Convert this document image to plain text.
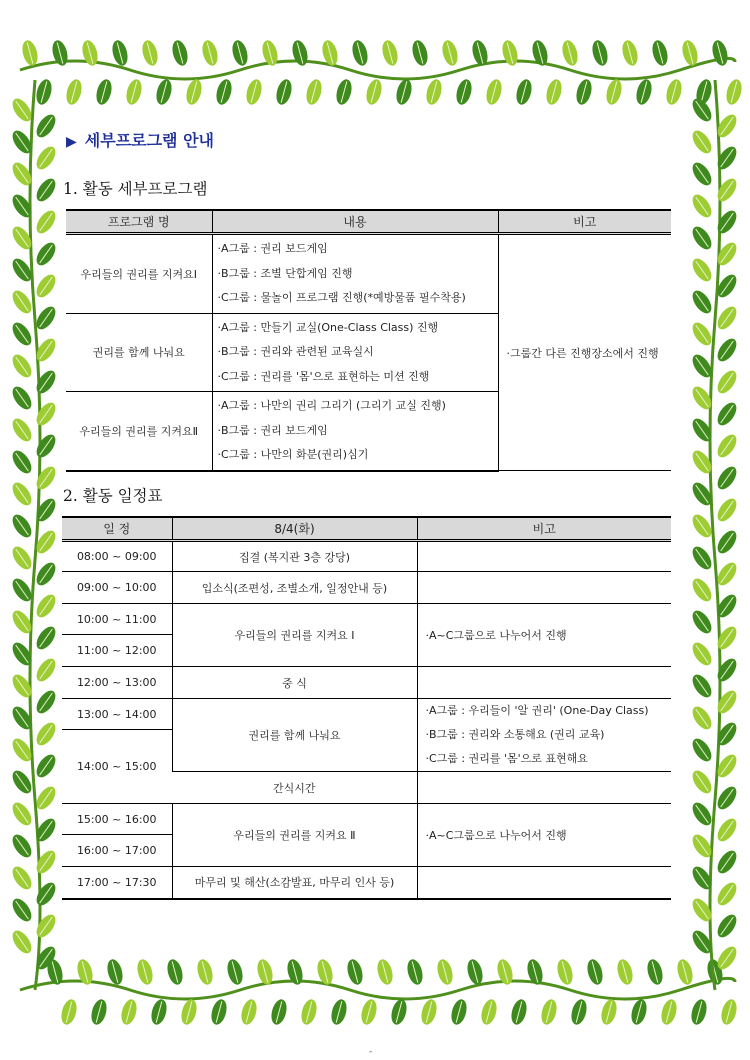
▶ 세부프로그램 안내
1. 활동 세부프로그램
프로그램 명	내용	비고
우리들의 권리를 지켜요Ⅰ	·A그룹 : 권리 보드게임
·B그룹 : 조별 단합게임 진행
·C그룹 : 물놀이 프로그램 진행(*예방물품 필수착용)	·그룹간 다른 진행장소에서 진행
권리를 함께 나눠요	·A그룹 : 만들기 교실(One-Class Class) 진행
·B그룹 : 권리와 관련된 교육실시
·C그룹 : 권리를 '몸'으로 표현하는 미션 진행	

우리들의 권리를 지켜요Ⅱ	·A그룹 : 나만의 권리 그리기 (그리기 교실 진행)
·B그룹 : 권리 보드게임
·C그룹 : 나만의 화분(권리)심기	
2. 활동 일정표
일 정	8/4(화)	비고
08:00 ~ 09:00	집결 (복지관 3층 강당)	
09:00 ~ 10:00	입소식(조편성, 조별소개, 일정안내 등)	
10:00 ~ 11:00	우리들의 권리를 지켜요 Ⅰ	·A~C그룹으로 나누어서 진행
11:00 ~ 12:00		
12:00 ~ 13:00	중 식	
13:00 ~ 14:00	권리를 함께 나눠요	·A그룹 : 우리들이 '알 권리' (One-Day Class)
·B그룹 : 권리와 소통해요 (권리 교육)
·C그룹 : 권리를 '몸'으로 표현해요

14:00 ~ 15:00		
	간식시간	
15:00 ~ 16:00	우리들의 권리를 지켜요 Ⅱ	·A~C그룹으로 나누어서 진행
16:00 ~ 17:00		
17:00 ~ 17:30	마무리 및 해산(소감발표, 마무리 인사 등)	
-
